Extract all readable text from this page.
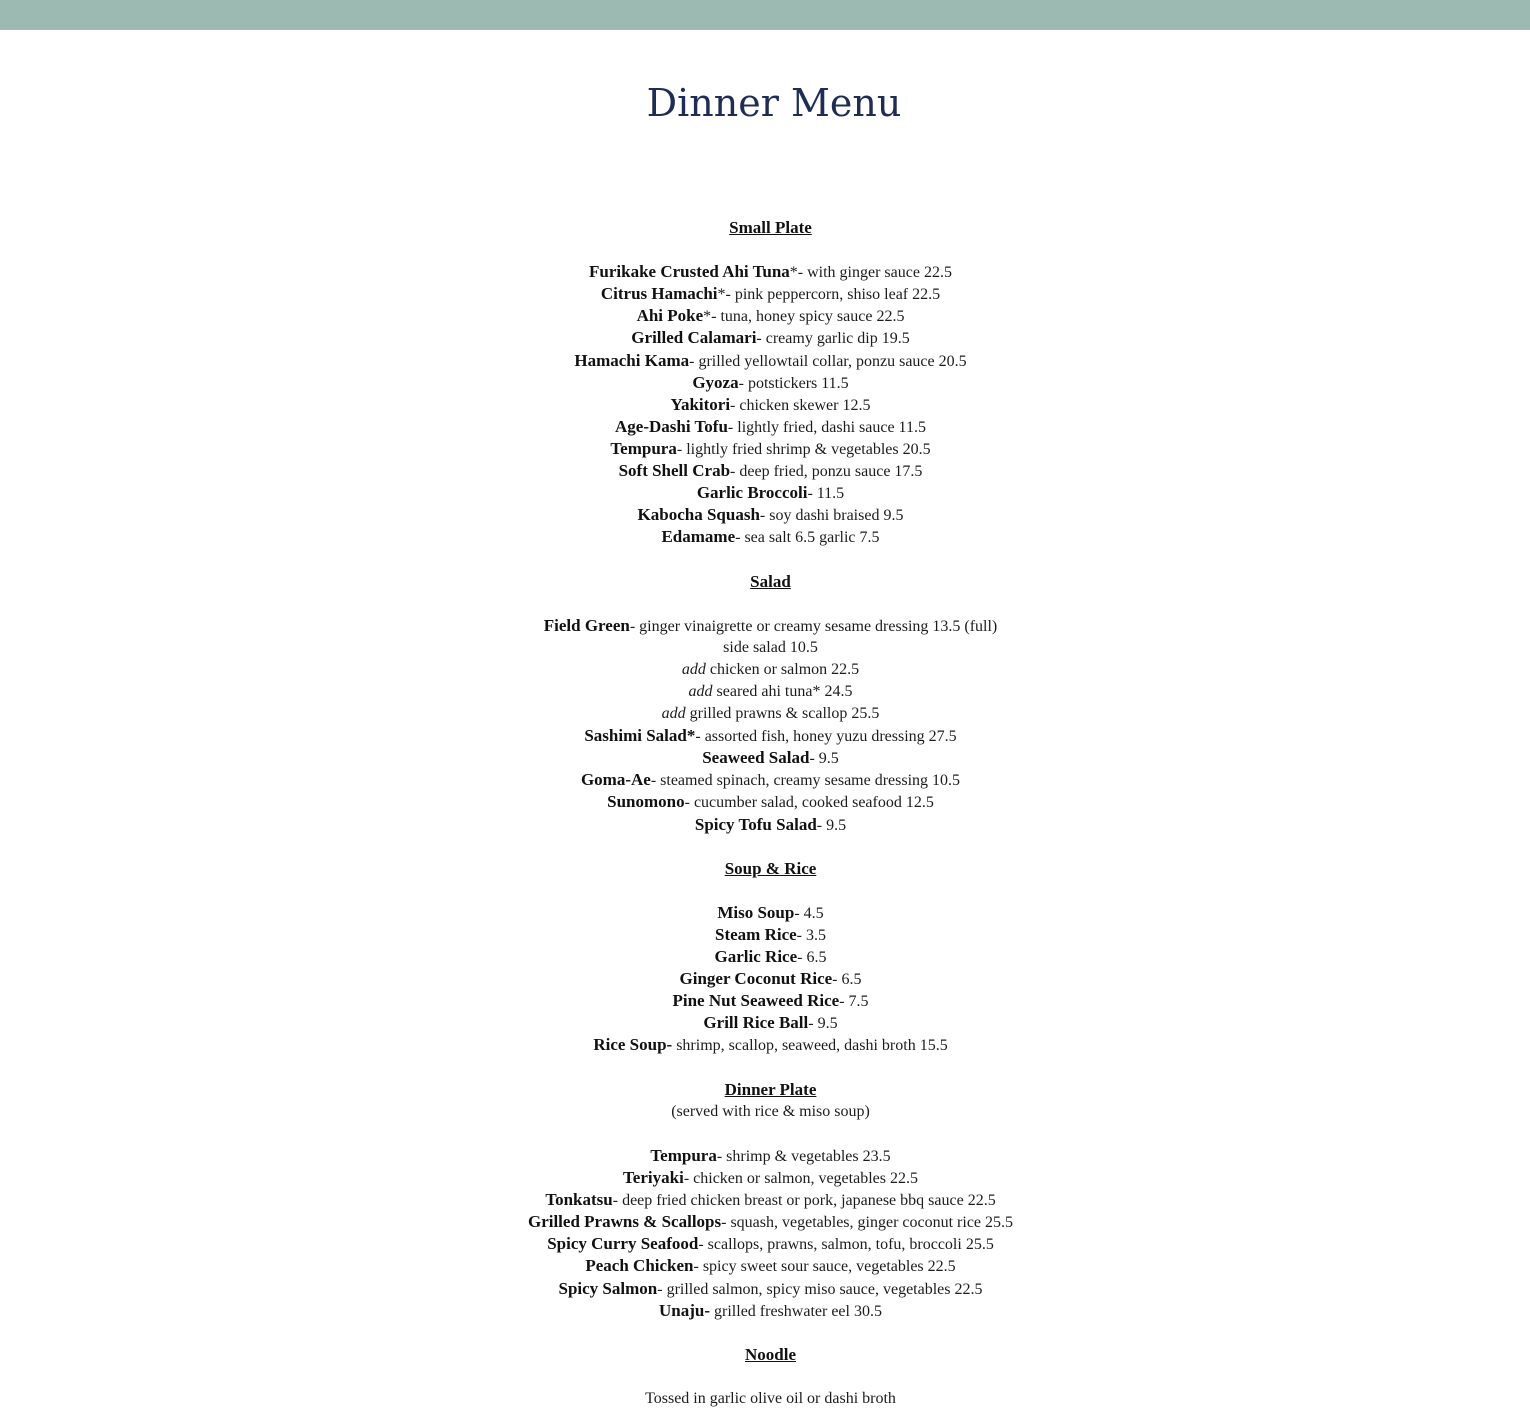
Dinner Menu
Small Plate
Furikake Crusted Ahi Tuna*- with ginger sauce 22.5
Citrus Hamachi*- pink peppercorn, shiso leaf 22.5
Ahi Poke*- tuna, honey spicy sauce 22.5
Grilled Calamari- creamy garlic dip 19.5
Hamachi Kama- grilled yellowtail collar, ponzu sauce 20.5
Gyoza- potstickers 11.5
Yakitori- chicken skewer 12.5
Age-Dashi Tofu- lightly fried, dashi sauce 11.5
Tempura- lightly fried shrimp & vegetables 20.5
Soft Shell Crab- deep fried, ponzu sauce 17.5
Garlic Broccoli- 11.5
Kabocha Squash- soy dashi braised 9.5
Edamame- sea salt 6.5 garlic 7.5
Salad
Field Green- ginger vinaigrette or creamy sesame dressing 13.5 (full)
side salad 10.5
add chicken or salmon 22.5
add seared ahi tuna* 24.5
add grilled prawns & scallop 25.5
Sashimi Salad*- assorted fish, honey yuzu dressing 27.5
Seaweed Salad- 9.5
Goma-Ae- steamed spinach, creamy sesame dressing 10.5
Sunomono- cucumber salad, cooked seafood 12.5
Spicy Tofu Salad- 9.5
Soup & Rice
Miso Soup- 4.5
Steam Rice- 3.5
Garlic Rice- 6.5
Ginger Coconut Rice- 6.5
Pine Nut Seaweed Rice- 7.5
Grill Rice Ball- 9.5
Rice Soup- shrimp, scallop, seaweed, dashi broth 15.5
Dinner Plate
(served with rice & miso soup)
Tempura- shrimp & vegetables 23.5
Teriyaki- chicken or salmon, vegetables 22.5
Tonkatsu- deep fried chicken breast or pork, japanese bbq sauce 22.5
Grilled Prawns & Scallops- squash, vegetables, ginger coconut rice 25.5
Spicy Curry Seafood- scallops, prawns, salmon, tofu, broccoli 25.5
Peach Chicken- spicy sweet sour sauce, vegetables 22.5
Spicy Salmon- grilled salmon, spicy miso sauce, vegetables 22.5
Unaju- grilled freshwater eel 30.5
Noodle
Tossed in garlic olive oil or dashi broth
